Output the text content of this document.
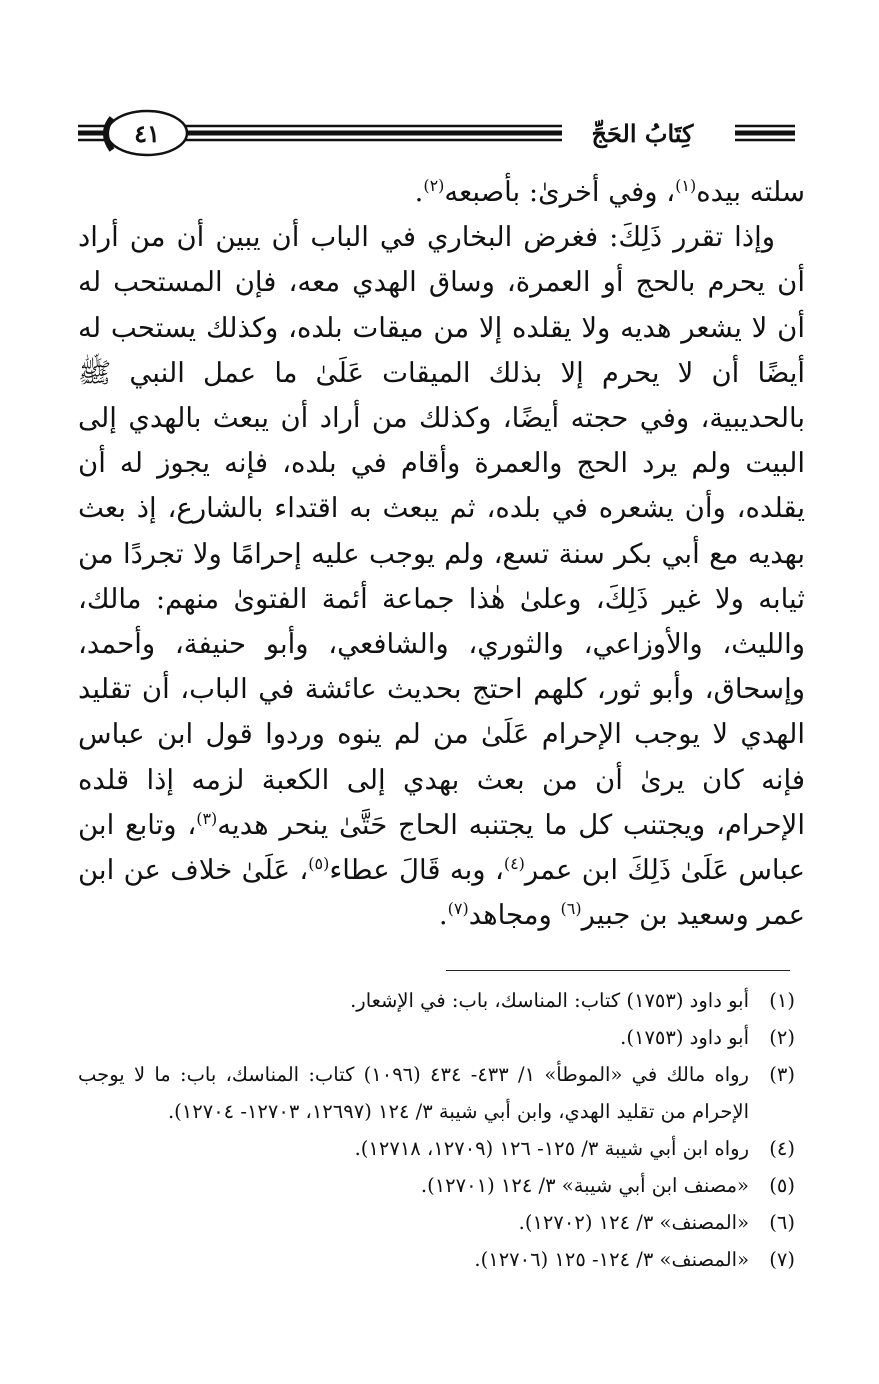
٤١	كِتَابُ الحَجِّ

سلته بيده$^{(١)}$، وفي أخرىٰ: بأصبعه$^{(٢)}$.

وإذا تقرر ذَلِكَ: فغرض البخاري في الباب أن يبين أن من أراد أن يحرم بالحج أو العمرة، وساق الهدي معه، فإن المستحب له أن لا يشعر هديه ولا يقلده إلا من ميقات بلده، وكذلك يستحب له أيضًا أن لا يحرم إلا بذلك الميقات عَلَىٰ ما عمل النبي ﷺ بالحديبية، وفي حجته أيضًا، وكذلك من أراد أن يبعث بالهدي إلى البيت ولم يرد الحج والعمرة وأقام في بلده، فإنه يجوز له أن يقلده، وأن يشعره في بلده، ثم يبعث به اقتداء بالشارع، إذ بعث بهديه مع أبي بكر سنة تسع، ولم يوجب عليه إحرامًا ولا تجردًا من ثيابه ولا غير ذَلِكَ، وعلىٰ هٰذا جماعة أئمة الفتوىٰ منهم: مالك، والليث، والأوزاعي، والثوري، والشافعي، وأبو حنيفة، وأحمد، وإسحاق، وأبو ثور، كلهم احتج بحديث عائشة في الباب، أن تقليد الهدي لا يوجب الإحرام عَلَىٰ من لم ينوه وردوا قول ابن عباس فإنه كان يرىٰ أن من بعث بهدي إلى الكعبة لزمه إذا قلده الإحرام، ويجتنب كل ما يجتنبه الحاج حَتَّىٰ ينحر هديه$^{(٣)}$، وتابع ابن عباس عَلَىٰ ذَلِكَ ابن عمر$^{(٤)}$، وبه قَالَ عطاء$^{(٥)}$، عَلَىٰ خلاف عن ابن عمر وسعيد بن جبير$^{(٦)}$ ومجاهد$^{(٧)}$.

(١)
أبو داود (١٧٥٣) كتاب: المناسك، باب: في الإشعار.
(٢)
أبو داود (١٧٥٣).
(٣)
رواه مالك في «الموطأ» ١/ ٤٣٣- ٤٣٤ (١٠٩٦) كتاب: المناسك، باب: ما لا يوجب الإحرام من تقليد الهدي، وابن أبي شيبة ٣/ ١٢٤ (١٢٦٩٧، ١٢٧٠٣- ١٢٧٠٤).
(٤)
رواه ابن أبي شيبة ٣/ ١٢٥- ١٢٦ (١٢٧٠٩، ١٢٧١٨).
(٥)
«مصنف ابن أبي شيبة» ٣/ ١٢٤ (١٢٧٠١).
(٦)
«المصنف» ٣/ ١٢٤ (١٢٧٠٢).
(٧)
«المصنف» ٣/ ١٢٤- ١٢٥ (١٢٧٠٦).
